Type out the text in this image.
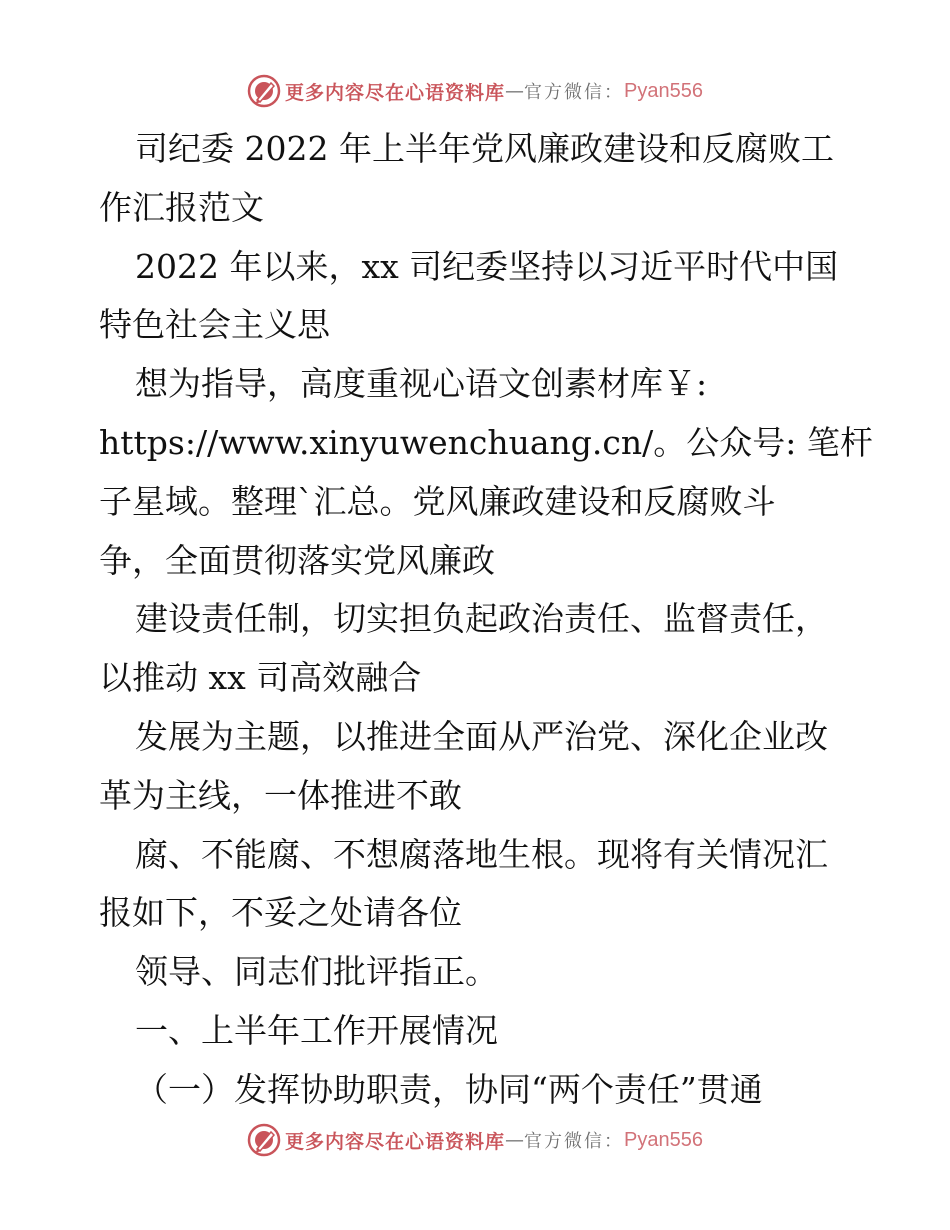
更多内容尽在心语资料库 — 官方微信： Pyan556
司纪委 2022 年上半年党风廉政建设和反腐败工
作汇报范文
2022 年以来，xx 司纪委坚持以习近平时代中国
特色社会主义思
想为指导，高度重视心语文创素材库￥:
https://www.xinyuwenchuang.cn/。公众号: 笔杆
子星域。整理`汇总。党风廉政建设和反腐败斗
争，全面贯彻落实党风廉政
建设责任制，切实担负起政治责任、监督责任，
以推动 xx 司高效融合
发展为主题，以推进全面从严治党、深化企业改
革为主线，一体推进不敢
腐、不能腐、不想腐落地生根。现将有关情况汇
报如下，不妥之处请各位
领导、同志们批评指正。
一、上半年工作开展情况
（一）发挥协助职责，协同“两个责任”贯通
更多内容尽在心语资料库 — 官方微信： Pyan556
